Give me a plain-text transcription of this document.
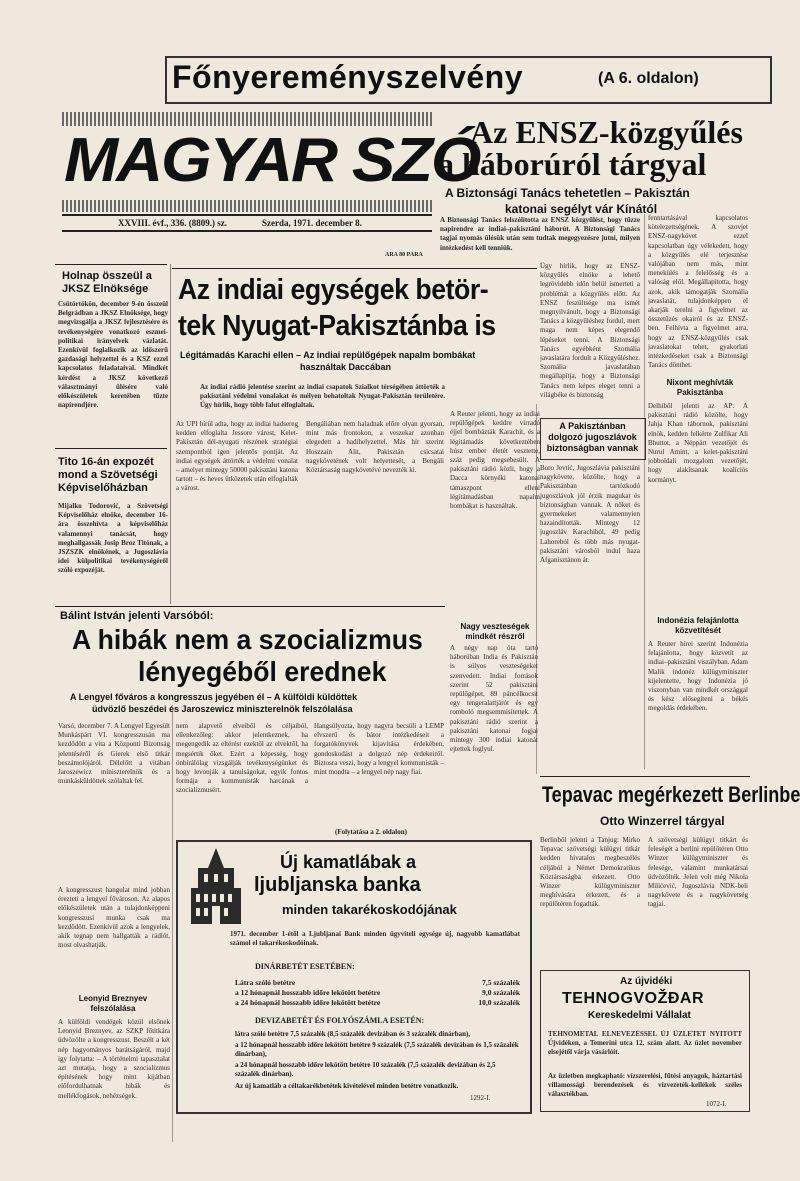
Főnyereményszelvény	(A 6. oldalon)
MAGYAR SZÓ
XXVIII. évf., 336. (8809.) sz.	Szerda, 1971. december 8.
ARA 80 PARA
Az ENSZ-közgyűlés
a háborúról tárgyal
A Biztonsági Tanács tehetetlen – Pakisztán
katonai segélyt vár Kínától
A Biztonsági Tanács felszólította az ENSZ közgyűlést, hogy tűzze napirendre az indiai–pakisztáni háborút. A Biztonsági Tanács tagjai nyomás ülésük után sem tudtak megegyezésre jutni, milyen intézkedést kell tenniük.
Ügy hírlik, hogy az ENSZ-közgyűlés elnöke a lehető legrövidebb időn belül ismerteti a problémát a közgyűlés előtt. Az ENSZ feszültsége ma ismét megnyilvánult, hogy a Biztonsági Tanács a közgyűléshez fordul, mert maga nem képes elegendő lépéseket tenni. A Biztonsági Tanács egyébként Szomália javaslatára fordult a Közgyűléshez. Szomália javaslatában megállapítja, hogy a Biztonsági Tanács nem képes eleget tenni a világbéke és biztonság
fenntartásával kapcsolatos kötelezettségének. A szovjet ENSZ-nagykövet ezzel kapcsolatban úgy vélekedett, hogy a közgyűlés elé terjesztése valójában nem más, mint menekülés a felelősség és a valóság elől. Megállapította, hogy azok, akik támogatják Szomália javaslatát, tulajdonképpen el akarják terelni a figyelmet az összetűzés okairól és az ENSZ-ben. Felhívta a figyelmet arra, hogy az ENSZ-közgyűlés csak javaslatokat tehet, gyakorlati intézkedéseket csak a Biztonsági Tanács dönthet.
Holnap összeül a JKSZ Elnöksége
Csütörtökön, december 9-én összeül Belgrádban a JKSZ Elnöksége, hogy megvizsgálja a JKSZ fejlesztésére és tevékenységére vonatkozó eszmei-politikai irányelvek vázlatát. Ezenkívül foglalkozik az időszerű gazdasági helyzettel és a KSZ ezzel kapcsolatos feladataival. Mindkét kérdést a JKSZ következő választmányi ülésére való előkészületek keretében tűzte napirendjére.
Tito 16-án expozét mond a Szövetségi Képviselőházban
Mijalko Todorović, a Szövetségi Képviselőház elnöke, december 16-ára összehívta a képviselőház valamennyi tanácsát, hogy meghallgassák Josip Broz Titónak, a JSZSZK elnökének, a Jugoszlávia idei külpolitikai tevékenységéről szóló expozéját.
Az indiai egységek betör-
tek Nyugat-Pakisztánba is
Légitámadás Karachi ellen – Az indiai repülőgépek napalm bombákat
használtak Daccában
Az indiai rádió jelentése szerint az indiai csapatok Szialkot térségében áttörték a pakisztáni védelmi vonalakat és mélyen behatoltak Nyugat-Pakisztán területére. Úgy hírlik, hogy több falut elfoglaltak.
Az UPI hírül adta, hogy az indiai hadsereg kedden elfoglalta Jessore várost, Kelet-Pakisztán dél-nyugati részének stratégiai szempontból igen jelentős pontját. Az indiai egységek áttörték a védelmi vonalat – amelyet mintegy 50000 pakisztáni katona tartott – és heves ütközetek után elfoglalták a várost.
Bengáliában nem haladnak előre olyan gyorsan, mint más frontokon, a veszekar azonban elegedett a hadihelyzettel. Más hír szerint Hoszzain Alit, Pakisztán csicsatai nagykövetének volt helyettesét, a Bengáli Köztársaság nagykövetévé nevezték ki.
A Reuter jelenti, hogy az indiai repülőgépek keddre virradó éjjel bombázták Karachit, és a légitámadás következtében húsz ember életét vesztette, száz pedig megsebesült. A pakisztáni rádió közli, hogy a Dacca környéki katonai támaszpont elleni légitámadásban napalm bombákat is használtak.
A Pakisztánban dolgozó jugoszlávok biztonságban vannak
Boro Jevtić, Jugoszlávia pakisztáni nagykövete, közölte, hogy a Pakisztánban tartózkodó jugoszlávok jól érzik magukat és biztonságban vannak. A nőket és gyermekeket valamennyien hazaindították. Mintegy 12 jugoszláv Karachiból, 49 pedig Lahoreból és több más nyugat-pakisztáni városból indul haza Afganisztánon át.
Nagy veszteségek mindkét részről
A négy nap óta tartó háborúban India és Pakisztán is súlyos veszteségeket szenvedett. Indiai források szerint 52 pakisztáni repülőgépet, 89 páncélkocsit egy tengeralattjárót és egy romboló megsemmisítettek. A pakisztáni rádió szerint a pakisztáni katonai fogjai mintegy 300 indiai katonát ejtettek foglyul.
Nixont meghívták Pakisztánba
Delhiből jelenti az AP: A pakisztáni rádió közölte, hogy Jahja Khan tábornok, pakisztáni elnök, kedden felkérte Zulfikar Ali Bhuttot, a Néppárt vezetőjét és Nurul Amint, a kelet-pakisztáni jobboldali mozgalom vezetőjét, hogy alakítsanak koalíciós kormányt.
Indonézia felajánlotta közvetítését
A Reuter hírei szerint Indonézia felajánlotta, hogy közvetít az indiai–pakisztáni viszályban. Adam Malik indonéz külügyminiszter kijelentette, hogy Indonézia jó viszonyban van mindkét országgal és kész elősegíteni a békés megoldás érdekében.
Bálint István jelenti Varsóból:
A hibák nem a szocializmus
lényegéből erednek
A Lengyel főváros a kongresszus jegyében él – A külföldi küldöttek
üdvözlő beszédei és Jaroszewicz miniszterelnök felszólalása
Varsó, december 7. A Lengyel Egyesült Munkáspárt VI. kongresszusán ma kezdődött a vita a Központi Bizottság jelentéséről és Gierek első titkár beszámolójáról. Délelőtt a vitában Jaroszewicz miniszterelnök és a munkásküldöttek szólaltak fel.
A kongresszust hangulat mind jobban érezteti a lengyel fővároson. Az alapos előkészületek után a tulajdonképpeni kongresszusi munka csak ma kezdődött. Ezenkívül azok a lengyelek, akik tegnap nem hallgatták a rádiót, most olvashatják.
nem alapvető elveiből és céljaiból, ellenkezőleg: akkor jelentkeznek, ha megengedik az eltérést ezektől az elvektől, ha megsértik őket. Ezért a képesség, hogy önbírálólag vizsgálják tevékenységünket és hogy levonják a tanulságokat, egyik fontos formája a kommunisták harcának a szocializmusért.
Hangsúlyozta, hogy nagyra becsüli a LEMP elvszerű és bátor intézkedéseit a forgatókönyvek kijavítása érdekében, gondoskodást a dolgozó nép érdekeiről. Biztosra veszi, hogy a lengyel kommunisták – mint mondta – a lengyel nép nagy fiai.
(Folytatása a 2. oldalon)
Leonyid Breznyev felszólalása
A külföldi vendégek közül elsőnek Leonyid Breznyev, az SZKP főtitkára üdvözölte a kongresszust. Beszélt a két nép hagyományos barátságáról, majd így folytatta: – A történelmi tapasztalat azt mutatja, hogy a szocializmus építésének hogy mint kijátban előfordulhatnak hibák és mellékfogások, nehézségek.
Új kamatlábak a
ljubljanska banka
minden takarékoskodójának
1971. december 1-étől a Ljubljanai Bank minden ügyviteli egysége új, nagyobb kamatlábat számol el takarékoskodóinak.
DINÁRBETÉT ESETÉBEN:
Látra szóló betétre	7,5 százalék
a 12 hónapnál hosszabb időre lekötött betétre	9,0 százalék
a 24 hónapnál hosszabb időre lekötött betétre	10,0 százalék
DEVIZABETÉT ÉS FOLYÓSZÁMLA ESETÉN:
látra szóló betétre 7,5 százalék (8,5 százalék devizában és 3 százalék dinárban),
a 12 hónapnál hosszabb időre lekötött betétre 9 százalék (7,5 százalék devizában és 1,5 százalék dinárban),
a 24 hónapnál hosszabb időre lekötött betétre 10 százalék (7,5 százalék devizában és 2,5 százalék dinárban).
Az új kamatláb a céltakarékbetétek kivételével minden betétre vonatkozik.
1292-I.
Tepavac megérkezett Berlinbe
Otto Winzerrel tárgyal
Berlinből jelenti a Tanjug: Mirko Tepavac szövetségi külügyi titkár kedden hivatalos megbeszélés céljából a Német Demokratikus Köztársaságba érkezett. Otto Winzer külügyminiszter meghívására érkezett, és a repülőtéren fogadták.
A szövetségi külügyi titkárt és feleségét a berlini repülőtéren Otto Winzer külügyminiszter és felesége, valamint munkatársai üdvözölték. Jelen volt még Nikola Milićević, Jugoszlávia NDK-beli nagykövete és a nagykövetség tagjai.
Az újvidéki
TEHNOGVOŽĐAR
Kereskedelmi Vállalat
TEHNOMETAL ELNEVEZÉSSEL ÚJ ÜZLETET NYITOTT Újvidéken, a Temerini utca 12. szám alatt. Az üzlet november elsejétől várja vásárlóit.
Az üzletben megkapható: vízszerelési, fűtési anyagok, háztartási villamossági berendezések és vízvezeték-kellékek széles választékban.
1072-I.
